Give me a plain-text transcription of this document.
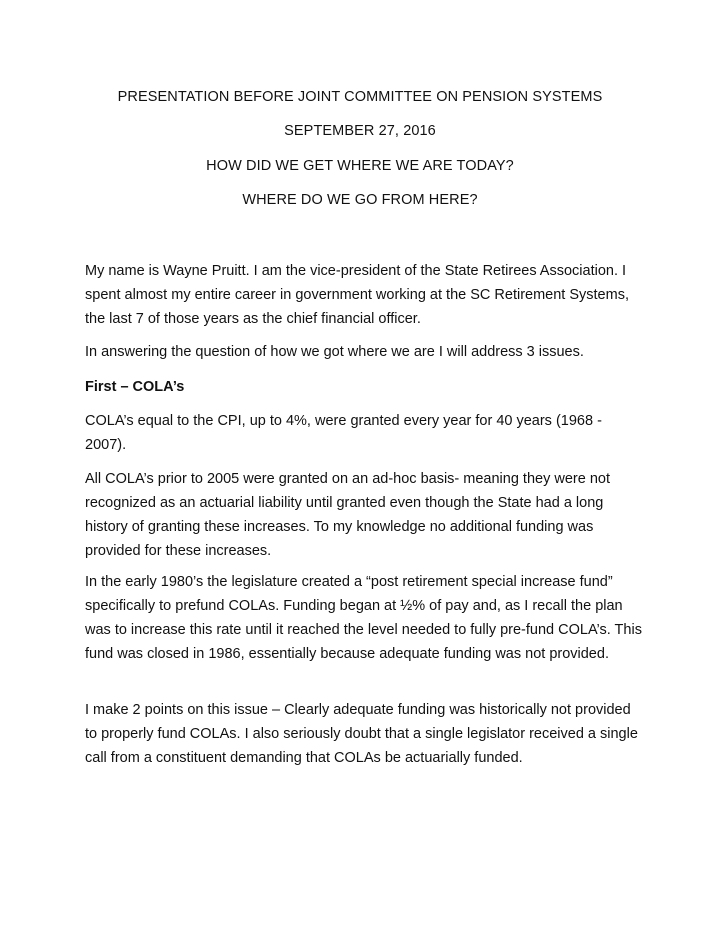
PRESENTATION BEFORE JOINT COMMITTEE ON PENSION SYSTEMS
SEPTEMBER 27, 2016
HOW DID WE GET WHERE WE ARE TODAY?
WHERE DO WE GO FROM HERE?
My name is Wayne Pruitt. I am the vice-president of the State Retirees Association. I spent almost my entire career in government working at the SC Retirement Systems, the last 7 of those years as the chief financial officer.
In answering the question of how we got where we are I will address 3 issues.
First – COLA’s
COLA’s equal to the CPI, up to 4%, were granted every year for 40 years (1968 - 2007).
All COLA’s prior to 2005 were granted on an ad-hoc basis- meaning they were not recognized as an actuarial liability until granted even though the State had a long history of granting these increases. To my knowledge no additional funding was provided for these increases.
In the early 1980’s the legislature created a “post retirement special increase fund” specifically to prefund COLAs. Funding began at ½% of pay and, as I recall the plan was to increase this rate until it reached the level needed to fully pre-fund COLA’s. This fund was closed in 1986, essentially because adequate funding was not provided.
I make 2 points on this issue – Clearly adequate funding was historically not provided to properly fund COLAs. I also seriously doubt that a single legislator received a single call from a constituent demanding that COLAs be actuarially funded.
